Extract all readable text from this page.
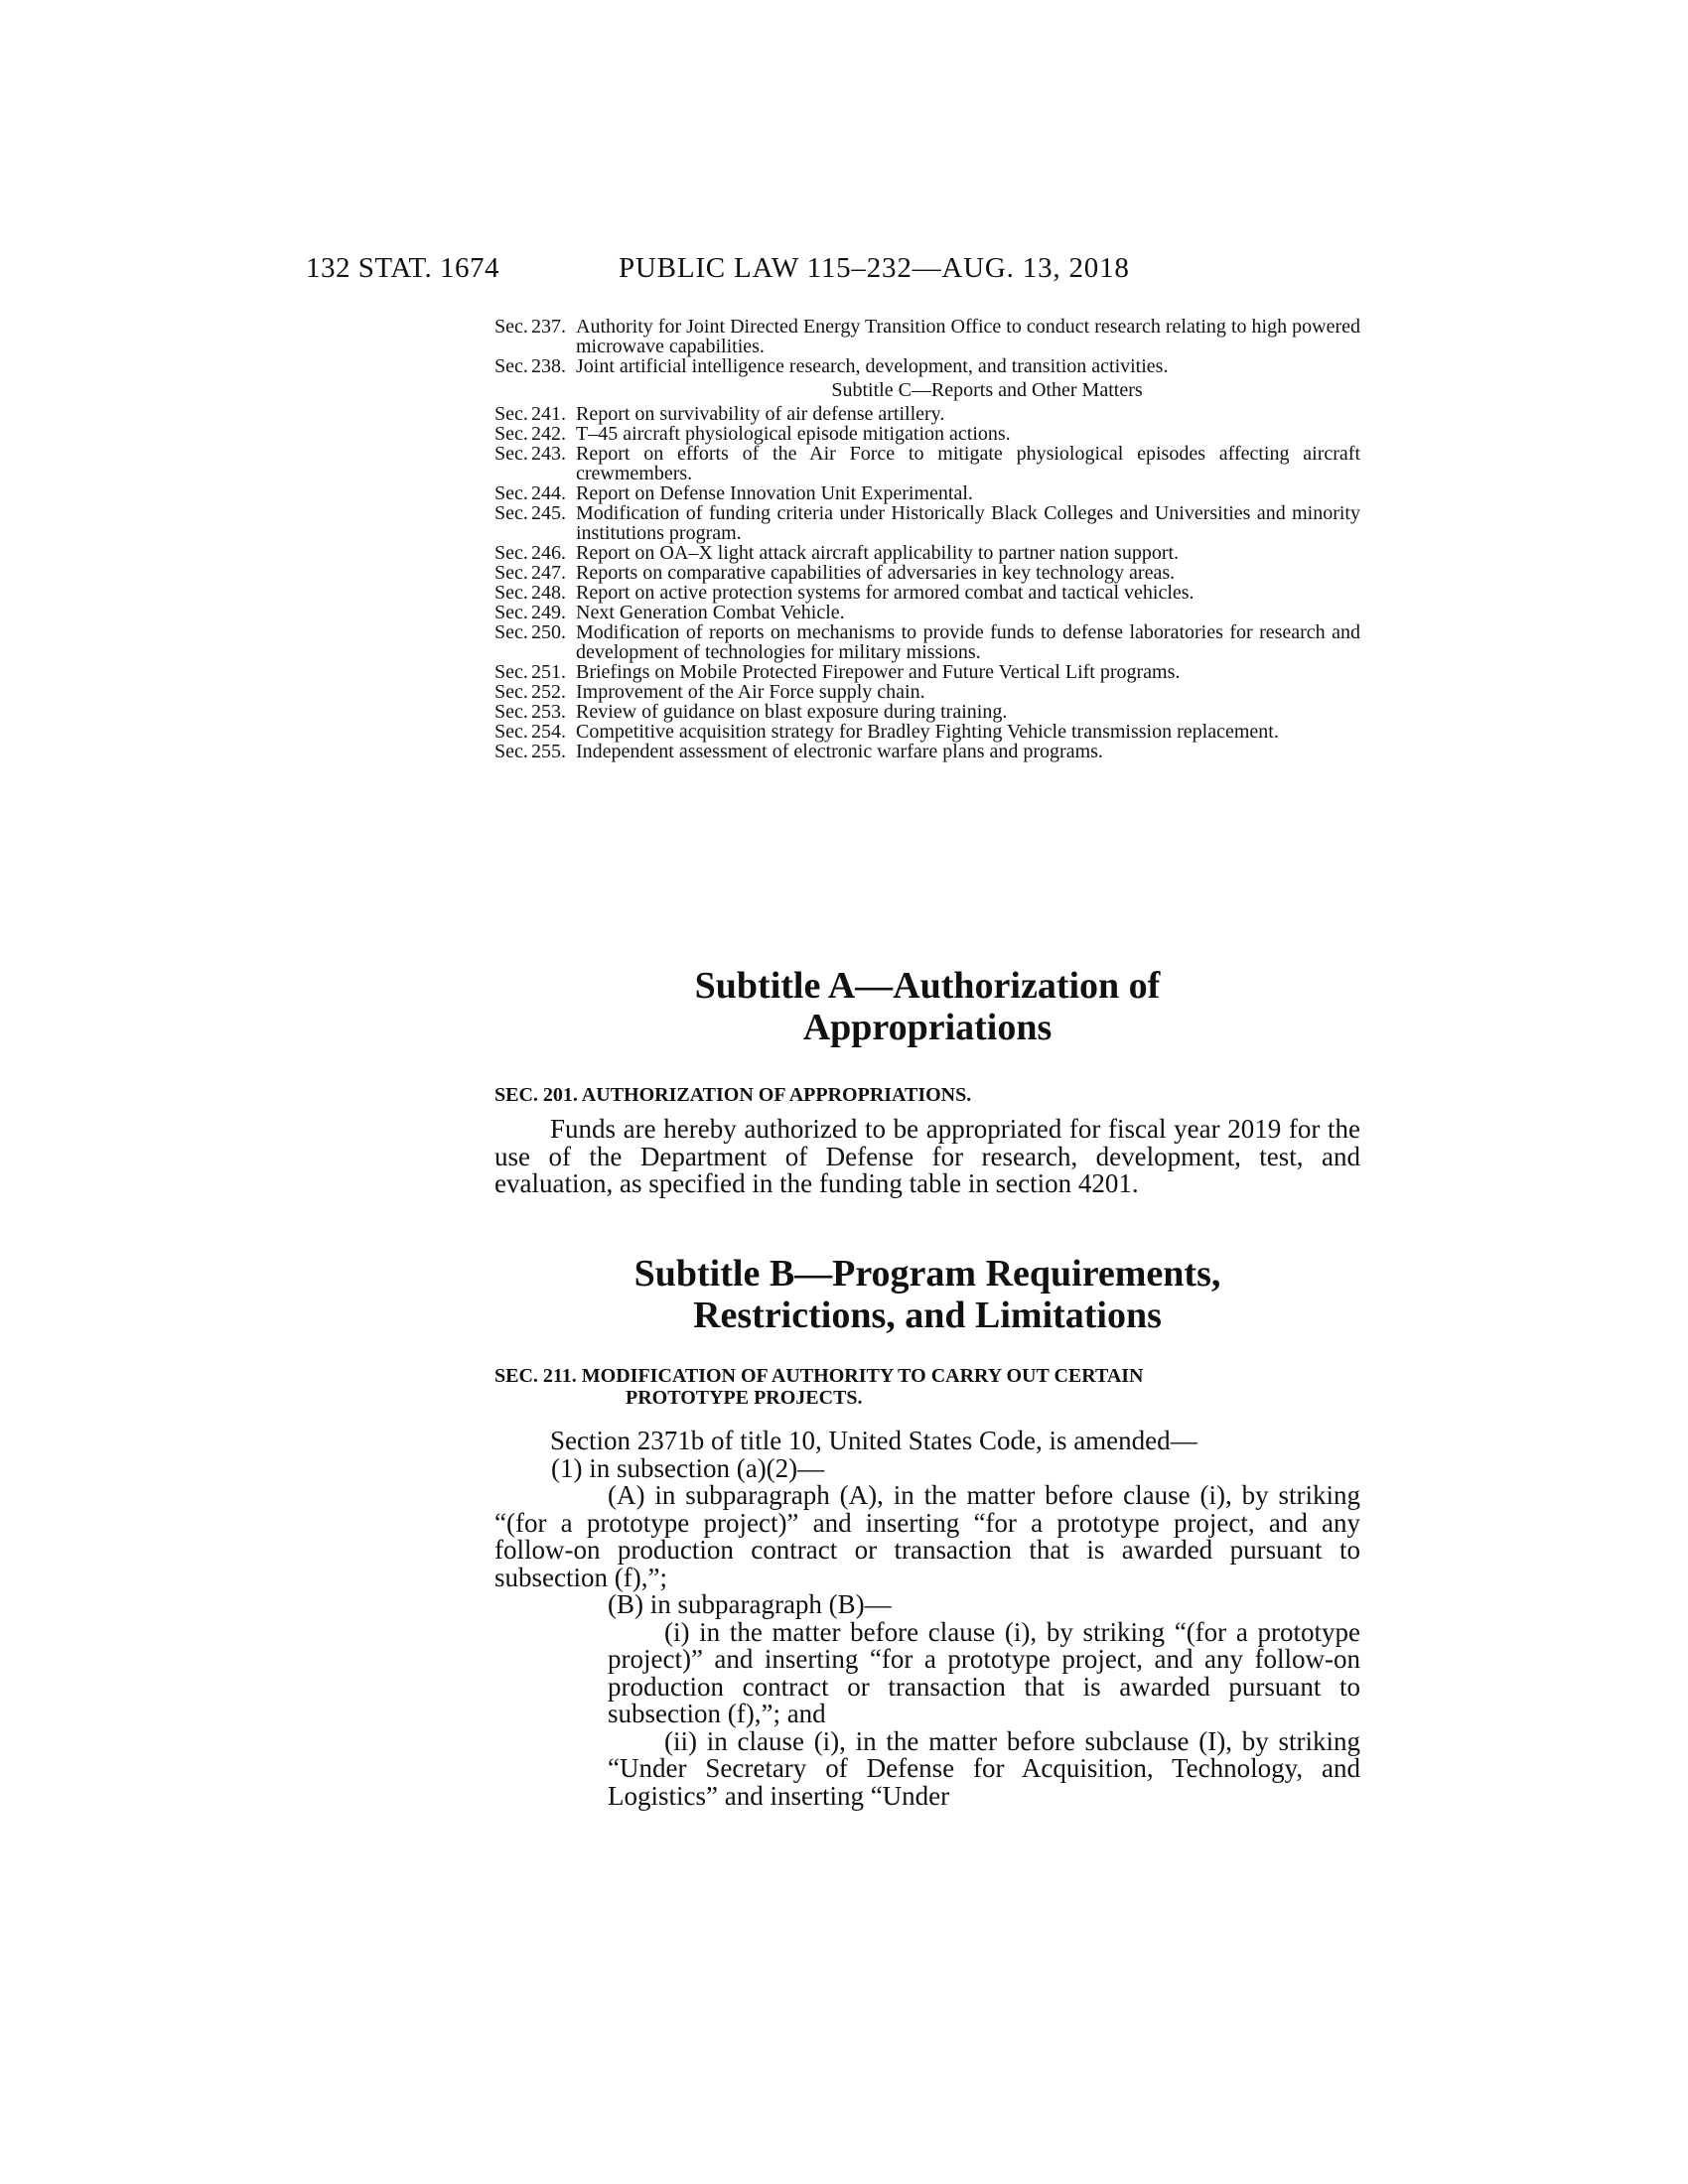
132 STAT. 1674	PUBLIC LAW 115–232—AUG. 13, 2018
Sec. 237. Authority for Joint Directed Energy Transition Office to conduct research relating to high powered microwave capabilities.
Sec. 238. Joint artificial intelligence research, development, and transition activities.
Subtitle C—Reports and Other Matters
Sec. 241. Report on survivability of air defense artillery.
Sec. 242. T–45 aircraft physiological episode mitigation actions.
Sec. 243. Report on efforts of the Air Force to mitigate physiological episodes affecting aircraft crewmembers.
Sec. 244. Report on Defense Innovation Unit Experimental.
Sec. 245. Modification of funding criteria under Historically Black Colleges and Universities and minority institutions program.
Sec. 246. Report on OA–X light attack aircraft applicability to partner nation support.
Sec. 247. Reports on comparative capabilities of adversaries in key technology areas.
Sec. 248. Report on active protection systems for armored combat and tactical vehicles.
Sec. 249. Next Generation Combat Vehicle.
Sec. 250. Modification of reports on mechanisms to provide funds to defense laboratories for research and development of technologies for military missions.
Sec. 251. Briefings on Mobile Protected Firepower and Future Vertical Lift programs.
Sec. 252. Improvement of the Air Force supply chain.
Sec. 253. Review of guidance on blast exposure during training.
Sec. 254. Competitive acquisition strategy for Bradley Fighting Vehicle transmission replacement.
Sec. 255. Independent assessment of electronic warfare plans and programs.
Subtitle A—Authorization of
Appropriations
SEC. 201. AUTHORIZATION OF APPROPRIATIONS.
Funds are hereby authorized to be appropriated for fiscal year 2019 for the use of the Department of Defense for research, development, test, and evaluation, as specified in the funding table in section 4201.
Subtitle B—Program Requirements,
Restrictions, and Limitations
SEC. 211. MODIFICATION OF AUTHORITY TO CARRY OUT CERTAIN
PROTOTYPE PROJECTS.
Section 2371b of title 10, United States Code, is amended—
(1) in subsection (a)(2)—
(A) in subparagraph (A), in the matter before clause (i), by striking “(for a prototype project)” and inserting “for a prototype project, and any follow-on production contract or transaction that is awarded pursuant to subsection (f),”;
(B) in subparagraph (B)—
(i) in the matter before clause (i), by striking “(for a prototype project)” and inserting “for a prototype project, and any follow-on production contract or transaction that is awarded pursuant to subsection (f),”; and
(ii) in clause (i), in the matter before subclause (I), by striking “Under Secretary of Defense for Acquisition, Technology, and Logistics” and inserting “Under
